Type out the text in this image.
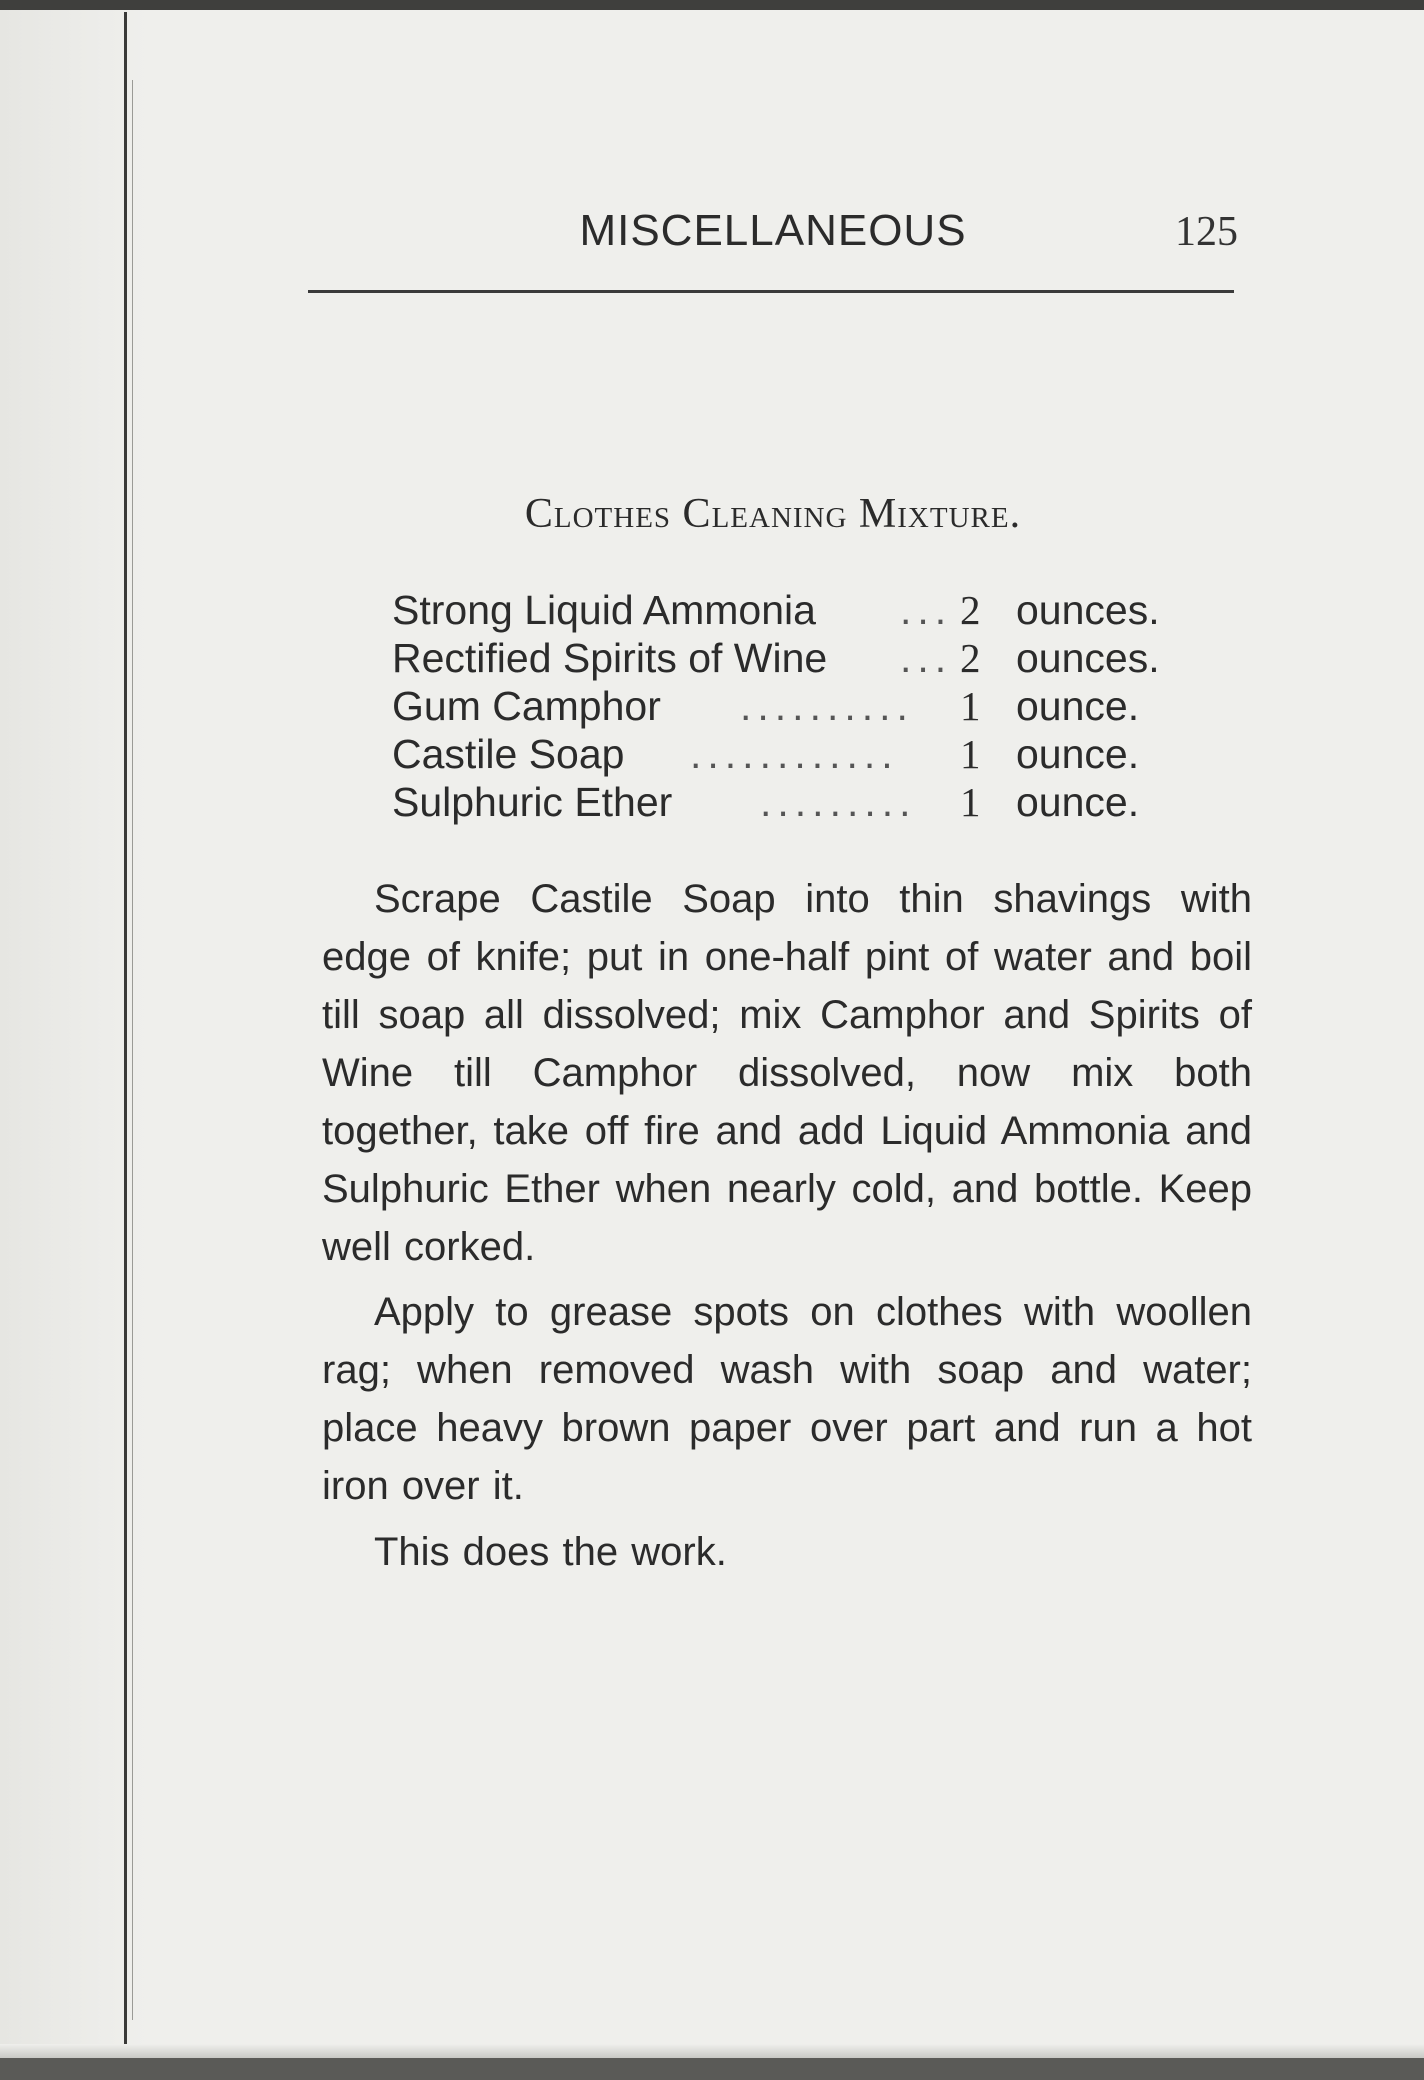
MISCELLANEOUS	125
Clothes Cleaning Mixture.
Strong Liquid Ammonia	... 2 ounces.
Rectified Spirits of Wine	... 2 ounces.
Gum Camphor	..........	1 ounce.
Castile Soap	............	1 ounce.
Sulphuric Ether	.........	1 ounce.

Scrape Castile Soap into thin shavings with edge of knife; put in one-half pint of water and boil till soap all dissolved; mix Camphor and Spirits of Wine till Camphor dissolved, now mix both together, take off fire and add Liquid Ammonia and Sulphuric Ether when nearly cold, and bottle. Keep well corked.

Apply to grease spots on clothes with woollen rag; when removed wash with soap and water; place heavy brown paper over part and run a hot iron over it.

This does the work.
